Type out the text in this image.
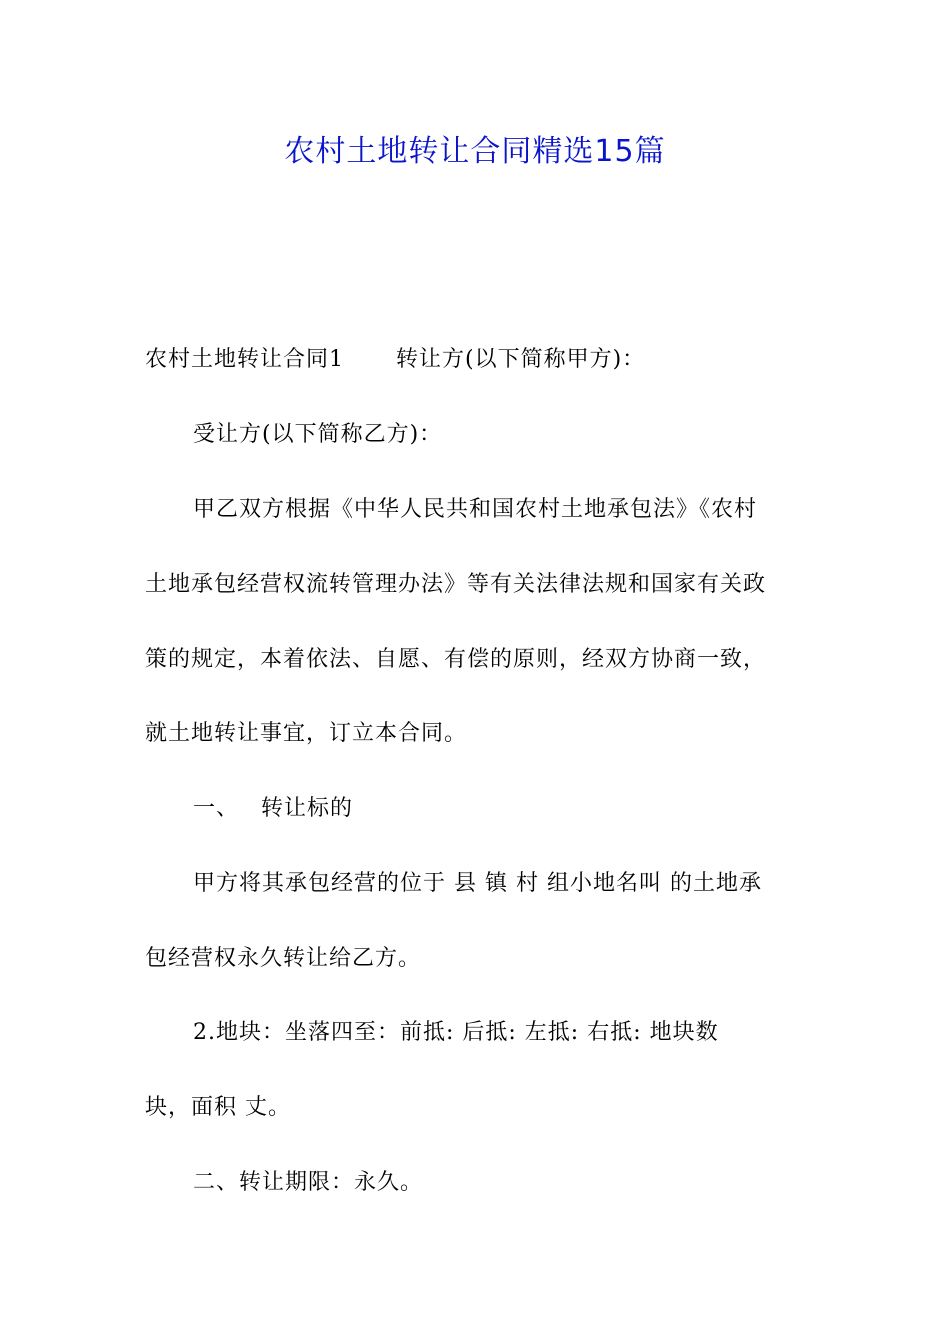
农村土地转让合同精选15篇
农村土地转让合同1 转让方(以下简称甲方)：
受让方(以下简称乙方)：
甲乙双方根据《中华人民共和国农村土地承包法》《农村
土地承包经营权流转管理办法》等有关法律法规和国家有关政
策的规定，本着依法、自愿、有偿的原则，经双方协商一致，
就土地转让事宜，订立本合同。
一、 转让标的
甲方将其承包经营的位于 县 镇 村 组小地名叫 的土地承
包经营权永久转让给乙方。
2.地块：坐落四至：前抵: 后抵: 左抵: 右抵: 地块数
块，面积 丈。
二、转让期限：永久。
